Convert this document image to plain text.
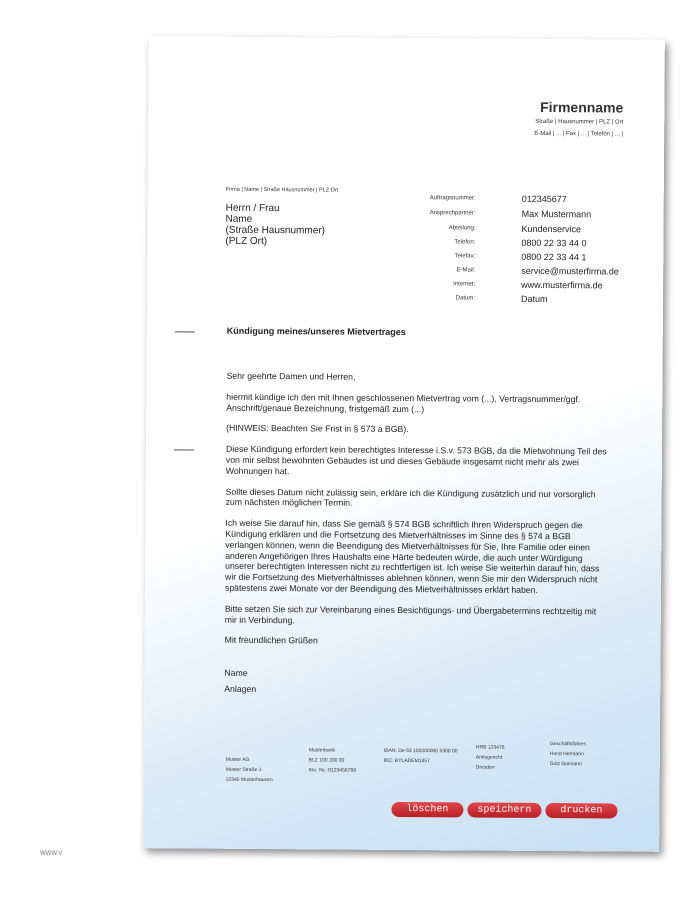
Firmenname
Straße | Hausnummer | PLZ | Ort
E-Mail | ... | Fax | ... | Telefon | ... |
Firma | Name | Straße Hausnummer | PLZ Ort
Herrn / Frau
Name
(Straße Hausnummer)
(PLZ Ort)
Auftragsnummer:	012345677
Ansprechpartner:	Max Mustermann
Abteilung:	Kundenservice
Telefon:	0800 22 33 44 0
Telefax:	0800 22 33 44 1
E-Mail:	service@musterfirma.de
Internet:	www.musterfirma.de
Datum:	Datum
Kündigung meines/unseres Mietvertrages

Sehr geehrte Damen und Herren,

hiermit kündige ich den mit Ihnen geschlossenen Mietvertrag vom (...), Vertragsnummer/ggf. Anschrift/genaue Bezeichnung, fristgemäß zum (...)

(HINWEIS: Beachten Sie Frist in § 573 a BGB).

Diese Kündigung erfordert kein berechtigtes Interesse i.S.v. 573 BGB, da die Mietwohnung Teil des von mir selbst bewohnten Gebäudes ist und dieses Gebäude insgesamt nicht mehr als zwei Wohnungen hat.

Sollte dieses Datum nicht zulässig sein, erkläre ich die Kündigung zusätzlich und nur vorsorglich zum nächsten möglichen Termin.

Ich weise Sie darauf hin, dass Sie gemäß § 574 BGB schriftlich Ihren Widerspruch gegen die Kündigung erklären und die Fortsetzung des Mietverhältnisses im Sinne des § 574 a BGB verlangen können, wenn die Beendigung des Mietverhältnisses für Sie, Ihre Familie oder einen anderen Angehörigen Ihres Haushalts eine Härte bedeuten würde, die auch unter Würdigung unserer berechtigten Interessen nicht zu rechtfertigen ist. Ich weise Sie weiterhin darauf hin, dass wir die Fortsetzung des Mietverhältnisses ablehnen können, wenn Sie mir den Widerspruch nicht spätestens zwei Monate vor der Beendigung des Mietverhältnisses erklärt haben.

Bitte setzen Sie sich zur Vereinbarung eines Besichtigungs- und Übergabetermins rechtzeitig mit mir in Verbindung.

Mit freundlichen Grüßen

Name

Anlagen

Muster AG
Muster Straße 1
12345 Musterhausen
Musterbank
BLZ 100 200 00
Kto. Nr.: 0123456789
IBAN: De 63 100200000 5300 00
BIC: BYLADEM1457
HRB 123476
Amtsgericht
Dresden
Geschäftsführer:
Horst Hermann
Golz Guimann
löschen	speichern	drucken
WWW.V
